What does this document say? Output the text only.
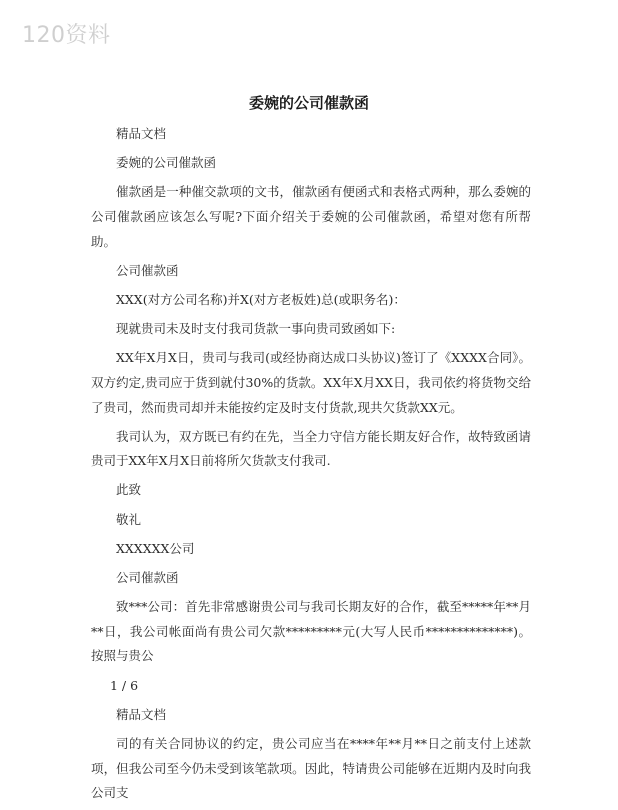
120资料
委婉的公司催款函

精品文档

委婉的公司催款函

催款函是一种催交款项的文书，催款函有便函式和表格式两种，那么委婉的公司催款函应该怎么写呢?下面介绍关于委婉的公司催款函，希望对您有所帮助。

公司催款函

XXX(对方公司名称)并X(对方老板姓)总(或职务名)：

现就贵司未及时支付我司货款一事向贵司致函如下:

XX年X月X日，贵司与我司(或经协商达成口头协议)签订了《XXXX合同》。双方约定,贵司应于货到就付30%的货款。XX年X月XX日，我司依约将货物交给了贵司，然而贵司却并未能按约定及时支付货款,现共欠货款XX元。

我司认为，双方既已有约在先，当全力守信方能长期友好合作，故特致函请贵司于XX年X月X日前将所欠货款支付我司.

此致

敬礼

XXXXXX公司

公司催款函

致***公司：首先非常感谢贵公司与我司长期友好的合作，截至*****年**月**日，我公司帐面尚有贵公司欠款*********元(大写人民币**************)。按照与贵公

1 / 6

精品文档

司的有关合同协议的约定，贵公司应当在****年**月**日之前支付上述款项，但我公司至今仍未受到该笔款项。因此，特请贵公司能够在近期内及时向我公司支
